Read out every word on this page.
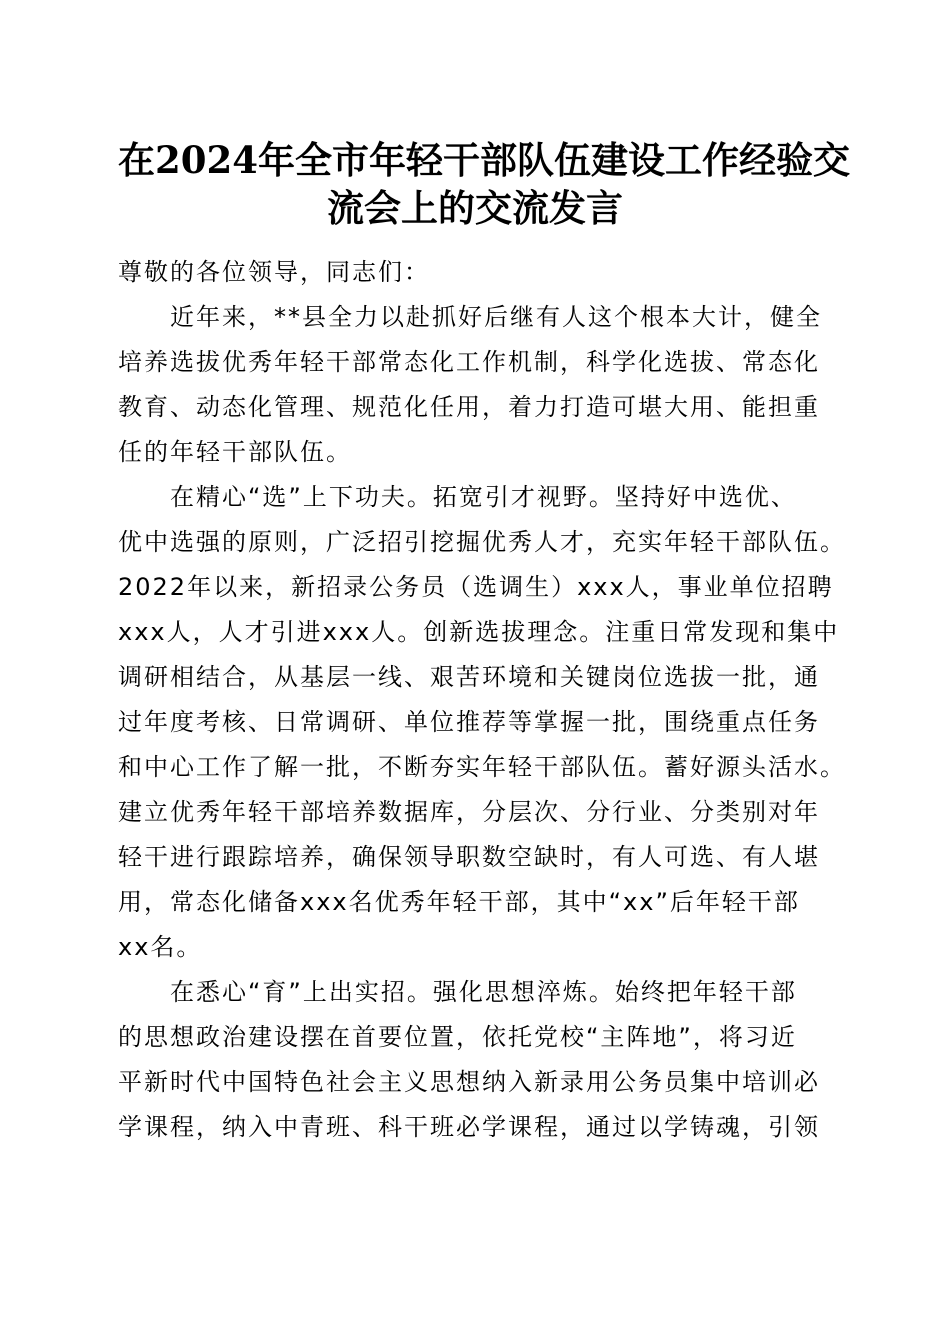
在2024年全市年轻干部队伍建设工作经验交
流会上的交流发言
尊敬的各位领导，同志们：
近年来，**县全力以赴抓好后继有人这个根本大计，健全
培养选拔优秀年轻干部常态化工作机制，科学化选拔、常态化
教育、动态化管理、规范化任用，着力打造可堪大用、能担重
任的年轻干部队伍。
在精心“选”上下功夫。拓宽引才视野。坚持好中选优、
优中选强的原则，广泛招引挖掘优秀人才，充实年轻干部队伍。
2022年以来，新招录公务员（选调生）xxx人，事业单位招聘
xxx人，人才引进xxx人。创新选拔理念。注重日常发现和集中
调研相结合，从基层一线、艰苦环境和关键岗位选拔一批，通
过年度考核、日常调研、单位推荐等掌握一批，围绕重点任务
和中心工作了解一批，不断夯实年轻干部队伍。蓄好源头活水。
建立优秀年轻干部培养数据库，分层次、分行业、分类别对年
轻干进行跟踪培养，确保领导职数空缺时，有人可选、有人堪
用，常态化储备xxx名优秀年轻干部，其中“xx”后年轻干部
xx名。
在悉心“育”上出实招。强化思想淬炼。始终把年轻干部
的思想政治建设摆在首要位置，依托党校“主阵地”，将习近
平新时代中国特色社会主义思想纳入新录用公务员集中培训必
学课程，纳入中青班、科干班必学课程，通过以学铸魂，引领
